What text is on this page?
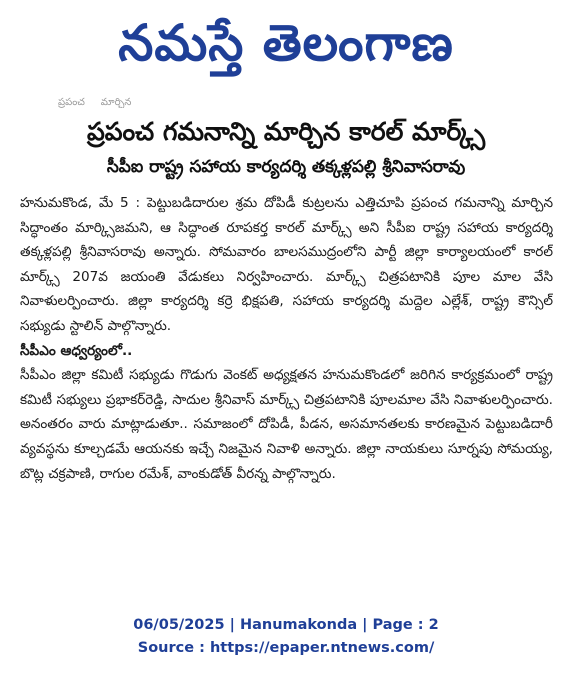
నమస్తే తెలంగాణ
ప్రపంచ ‌‌ ‌ ‌ ‌ మార్చిన
ప్రపంచ గమనాన్ని మార్చిన కారల్ మార్క్స్
సీపీఐ రాష్ట్ర సహాయ కార్యదర్శి తక్కళ్లపల్లి శ్రీనివాసరావు

హనుమకొండ, మే 5 : పెట్టుబడిదారుల శ్రమ దోపిడీ కుట్రలను ఎత్తిచూపి ప్రపంచ గమనాన్ని మార్చిన సిద్ధాంతం మార్క్సిజమని, ఆ సిద్ధాంత రూపకర్త కారల్ మార్క్స్ అని సీపీఐ రాష్ట్ర సహాయ కార్యదర్శి తక్కళ్లపల్లి శ్రీనివాసరావు అన్నారు. సోమవారం బాలసముద్రంలోని పార్టీ జిల్లా కార్యాలయంలో కారల్ మార్క్స్ 207వ జయంతి వేడుకలు నిర్వహించారు. మార్క్స్ చిత్రపటానికి పూల మాల వేసి నివాళులర్పించారు. జిల్లా కార్యదర్శి కర్రె భిక్షపతి, సహాయ కార్యదర్శి మద్దెల ఎల్లేశ్, రాష్ట్ర కౌన్సిల్ సభ్యుడు స్టాలిన్ పాల్గొన్నారు.

సీపీఎం ఆధ్వర్యంలో..

సీపీఎం జిల్లా కమిటీ సభ్యుడు గొడుగు వెంకట్ అధ్యక్షతన హనుమకొండలో జరిగిన కార్యక్రమంలో రాష్ట్ర కమిటీ సభ్యులు ప్రభాకర్‌రెడ్డి, సాదుల శ్రీనివాస్ మార్క్స్ చిత్రపటానికి పూలమాల వేసి నివాళులర్పించారు. అనంతరం వారు మాట్లాడుతూ.. సమాజంలో దోపిడీ, పీడన, అసమానతలకు కారణమైన పెట్టుబడిదారీ వ్యవస్థను కూల్చడమే ఆయనకు ఇచ్చే నిజమైన నివాళి అన్నారు. జిల్లా నాయకులు సూర్నపు సోమయ్య, బొట్ల చక్రపాణి, రాగుల రమేశ్, వాంకుడోత్ వీరన్న పాల్గొన్నారు.

06/05/2025 | Hanumakonda | Page : 2
Source : https://epaper.ntnews.com/
